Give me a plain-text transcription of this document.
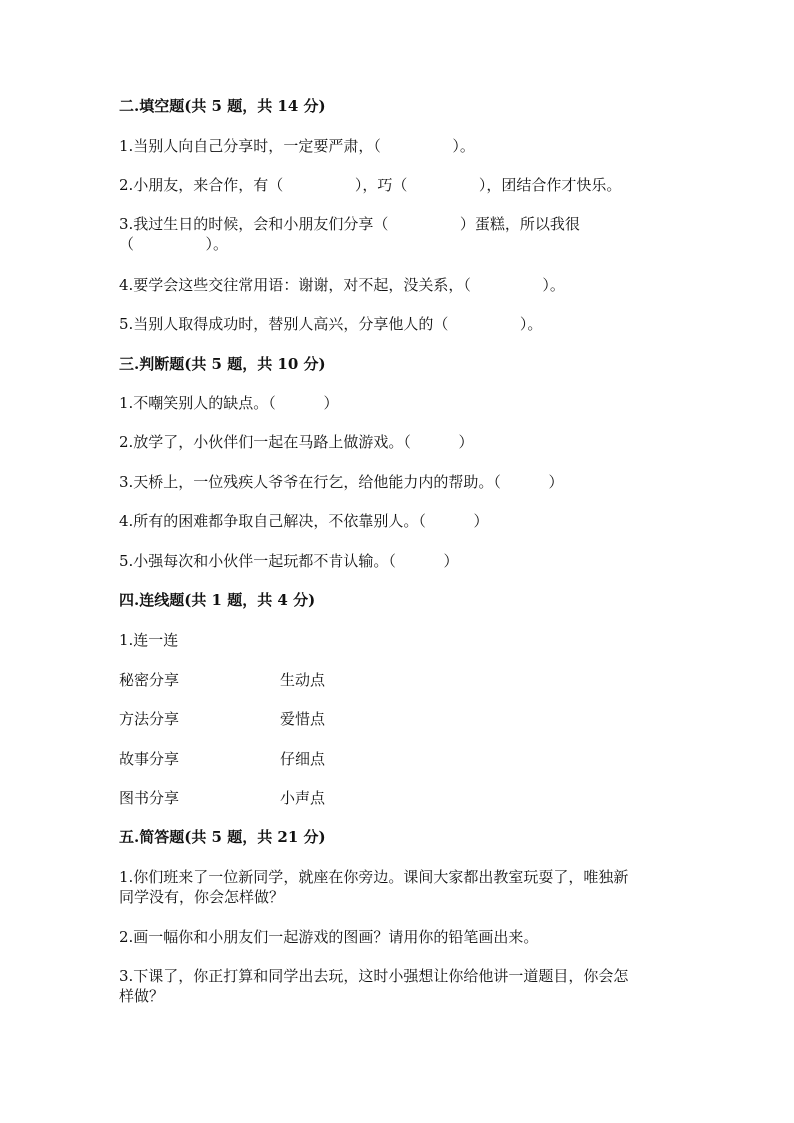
二.填空题(共 5 题，共 14 分)
1.当别人向自己分享时，一定要严肃，（               ）。
2.小朋友，来合作，有（               ），巧（               ），团结合作才快乐。
3.我过生日的时候，会和小朋友们分享（               ）蛋糕，所以我很
（               ）。
4.要学会这些交往常用语：谢谢，对不起，没关系，（               ）。
5.当别人取得成功时，替别人高兴，分享他人的（               ）。
三.判断题(共 5 题，共 10 分)
1.不嘲笑别人的缺点。（          ）
2.放学了，小伙伴们一起在马路上做游戏。（          ）
3.天桥上，一位残疾人爷爷在行乞，给他能力内的帮助。（          ）
4.所有的困难都争取自己解决，不依靠别人。（          ）
5.小强每次和小伙伴一起玩都不肯认输。（          ）
四.连线题(共 1 题，共 4 分)
1.连一连
秘密分享	生动点
方法分享	爱惜点
故事分享	仔细点
图书分享	小声点
五.简答题(共 5 题，共 21 分)
1.你们班来了一位新同学，就座在你旁边。课间大家都出教室玩耍了，唯独新
同学没有，你会怎样做？
2.画一幅你和小朋友们一起游戏的图画？请用你的铅笔画出来。
3.下课了，你正打算和同学出去玩，这时小强想让你给他讲一道题目，你会怎
样做？
